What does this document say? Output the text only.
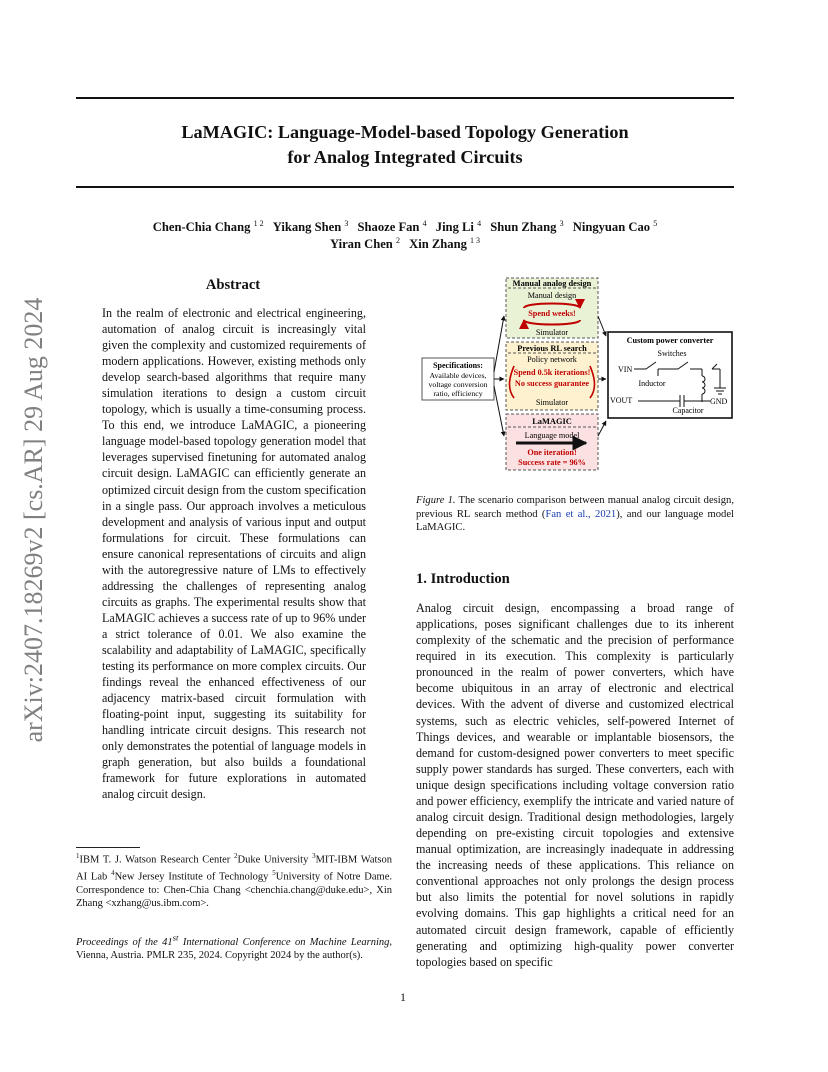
arXiv:2407.18269v2 [cs.AR] 29 Aug 2024
LaMAGIC: Language-Model-based Topology Generation
for Analog Integrated Circuits
Chen-Chia Chang $^{1 2}$ Yikang Shen $^3$ Shaoze Fan $^4$ Jing Li $^4$ Shun Zhang $^3$ Ningyuan Cao $^5$
Yiran Chen $^2$ Xin Zhang $^{1 3}$
Abstract

In the realm of electronic and electrical engineering, automation of analog circuit is increasingly vital given the complexity and customized requirements of modern applications. However, existing methods only develop search-based algorithms that require many simulation iterations to design a custom circuit topology, which is usually a time-consuming process. To this end, we introduce LaMAGIC, a pioneering language model-based topology generation model that leverages supervised finetuning for automated analog circuit design. LaMAGIC can efficiently generate an optimized circuit design from the custom specification in a single pass. Our approach involves a meticulous development and analysis of various input and output formulations for circuit. These formulations can ensure canonical representations of circuits and align with the autoregressive nature of LMs to effectively addressing the challenges of representing analog circuits as graphs. The experimental results show that LaMAGIC achieves a success rate of up to 96% under a strict tolerance of 0.01. We also examine the scalability and adaptability of LaMAGIC, specifically testing its performance on more complex circuits. Our findings reveal the enhanced effectiveness of our adjacency matrix-based circuit formulation with floating-point input, suggesting its suitability for handling intricate circuit designs. This research not only demonstrates the potential of language models in graph generation, but also builds a foundational framework for future explorations in automated analog circuit design.

$^1$IBM T. J. Watson Research Center $^2$Duke University $^3$MIT-IBM Watson AI Lab $^4$New Jersey Institute of Technology $^5$University of Notre Dame. Correspondence to: Chen-Chia Chang <chenchia.chang@duke.edu>, Xin Zhang <xzhang@us.ibm.com>.

Proceedings of the 41st International Conference on Machine Learning, Vienna, Austria. PMLR 235, 2024. Copyright 2024 by the author(s).

Manual analog design
Manual design
Spend weeks!
Simulator
Previous RL search
Policy network
Spend 0.5k iterations!
No success guarantee
Simulator
LaMAGIC
Language model
One iteration!
Success rate = 96%
Specifications:
Available devices,
voltage conversion
ratio, efficiency
Custom power converter
Switches
VIN
Inductor
VOUT	GND
Capacitor

Figure 1. The scenario comparison between manual analog circuit design, previous RL search method (Fan et al., 2021), and our language model LaMAGIC.

1. Introduction

Analog circuit design, encompassing a broad range of applications, poses significant challenges due to its inherent complexity of the schematic and the precision of performance required in its execution. This complexity is particularly pronounced in the realm of power converters, which have become ubiquitous in an array of electronic and electrical devices. With the advent of diverse and customized electrical systems, such as electric vehicles, self-powered Internet of Things devices, and wearable or implantable biosensors, the demand for custom-designed power converters to meet specific supply power standards has surged. These converters, each with unique design specifications including voltage conversion ratio and power efficiency, exemplify the intricate and varied nature of analog circuit design. Traditional design methodologies, largely depending on pre-existing circuit topologies and extensive manual optimization, are increasingly inadequate in addressing the increasing needs of these applications. This reliance on conventional approaches not only prolongs the design process but also limits the potential for novel solutions in rapidly evolving domains. This gap highlights a critical need for an automated circuit design framework, capable of efficiently generating and optimizing high-quality power converter topologies based on specific

1
